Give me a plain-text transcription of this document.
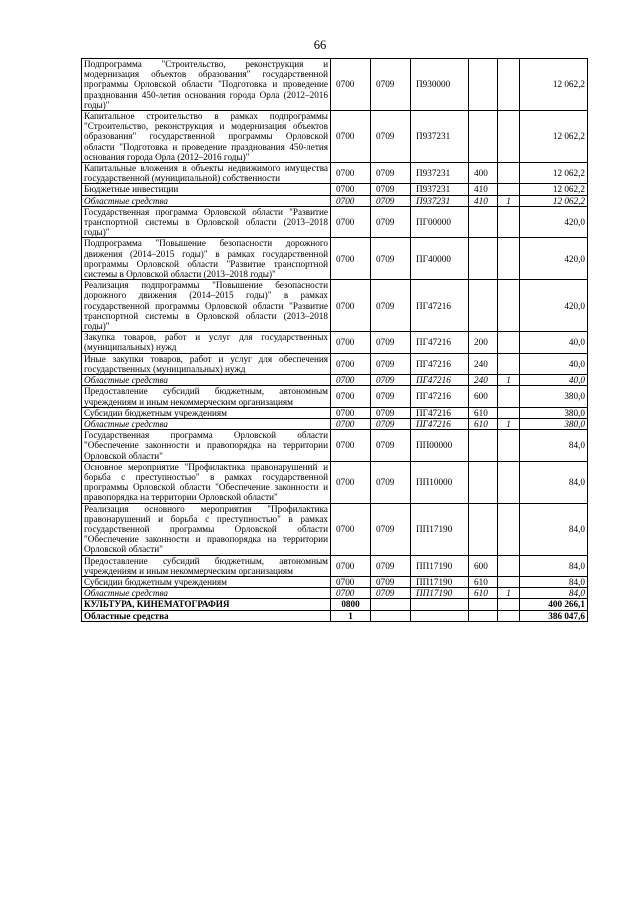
66
Подпрограмма "Строительство, реконструкция и модернизация объектов образования" государственной программы Орловской области "Подготовка и проведение празднования 450-летия основания города Орла (2012–2016 годы)"	0700	0709	П930000			12 062,2
Капитальное строительство в рамках подпрограммы "Строительство, реконструкция и модернизация объектов образования" государственной программы Орловской области "Подготовка и проведение празднования 450-летия основания города Орла (2012–2016 годы)"	0700	0709	П937231			12 062,2
Капитальные вложения в объекты недвижимого имущества государственной (муниципальной) собственности	0700	0709	П937231	400		12 062,2
Бюджетные инвестиции	0700	0709	П937231	410		12 062,2
Областные средства	0700	0709	П937231	410	1	12 062,2
Государственная программа Орловской области "Развитие транспортной системы в Орловской области (2013–2018 годы)"	0700	0709	ПГ00000			420,0
Подпрограмма "Повышение безопасности дорожного движения (2014–2015 годы)" в рамках государственной программы Орловской области "Развитие транспортной системы в Орловской области (2013–2018 годы)"	0700	0709	ПГ40000			420,0
Реализация подпрограммы "Повышение безопасности дорожного движения (2014–2015 годы)" в рамках государственной программы Орловской области "Развитие транспортной системы в Орловской области (2013–2018 годы)"	0700	0709	ПГ47216			420,0
Закупка товаров, работ и услуг для государственных (муниципальных) нужд	0700	0709	ПГ47216	200		40,0
Иные закупки товаров, работ и услуг для обеспечения государственных (муниципальных) нужд	0700	0709	ПГ47216	240		40,0
Областные средства	0700	0709	ПГ47216	240	1	40,0
Предоставление субсидий бюджетным, автономным учреждениям и иным некоммерческим организациям	0700	0709	ПГ47216	600		380,0
Субсидии бюджетным учреждениям	0700	0709	ПГ47216	610		380,0
Областные средства	0700	0709	ПГ47216	610	1	380,0
Государственная программа Орловской области "Обеспечение законности и правопорядка на территории Орловской области"	0700	0709	ПП00000			84,0
Основное мероприятие "Профилактика правонарушений и борьба с преступностью" в рамках государственной программы Орловской области "Обеспечение законности и правопорядка на территории Орловской области"	0700	0709	ПП10000			84,0
Реализация основного мероприятия "Профилактика правонарушений и борьба с преступностью" в рамках государственной программы Орловской области "Обеспечение законности и правопорядка на территории Орловской области"	0700	0709	ПП17190			84,0
Предоставление субсидий бюджетным, автономным учреждениям и иным некоммерческим организациям	0700	0709	ПП17190	600		84,0
Субсидии бюджетным учреждениям	0700	0709	ПП17190	610		84,0
Областные средства	0700	0709	ПП17190	610	1	84,0
КУЛЬТУРА, КИНЕМАТОГРАФИЯ	0800					400 266,1
Областные средства	1					386 047,6
